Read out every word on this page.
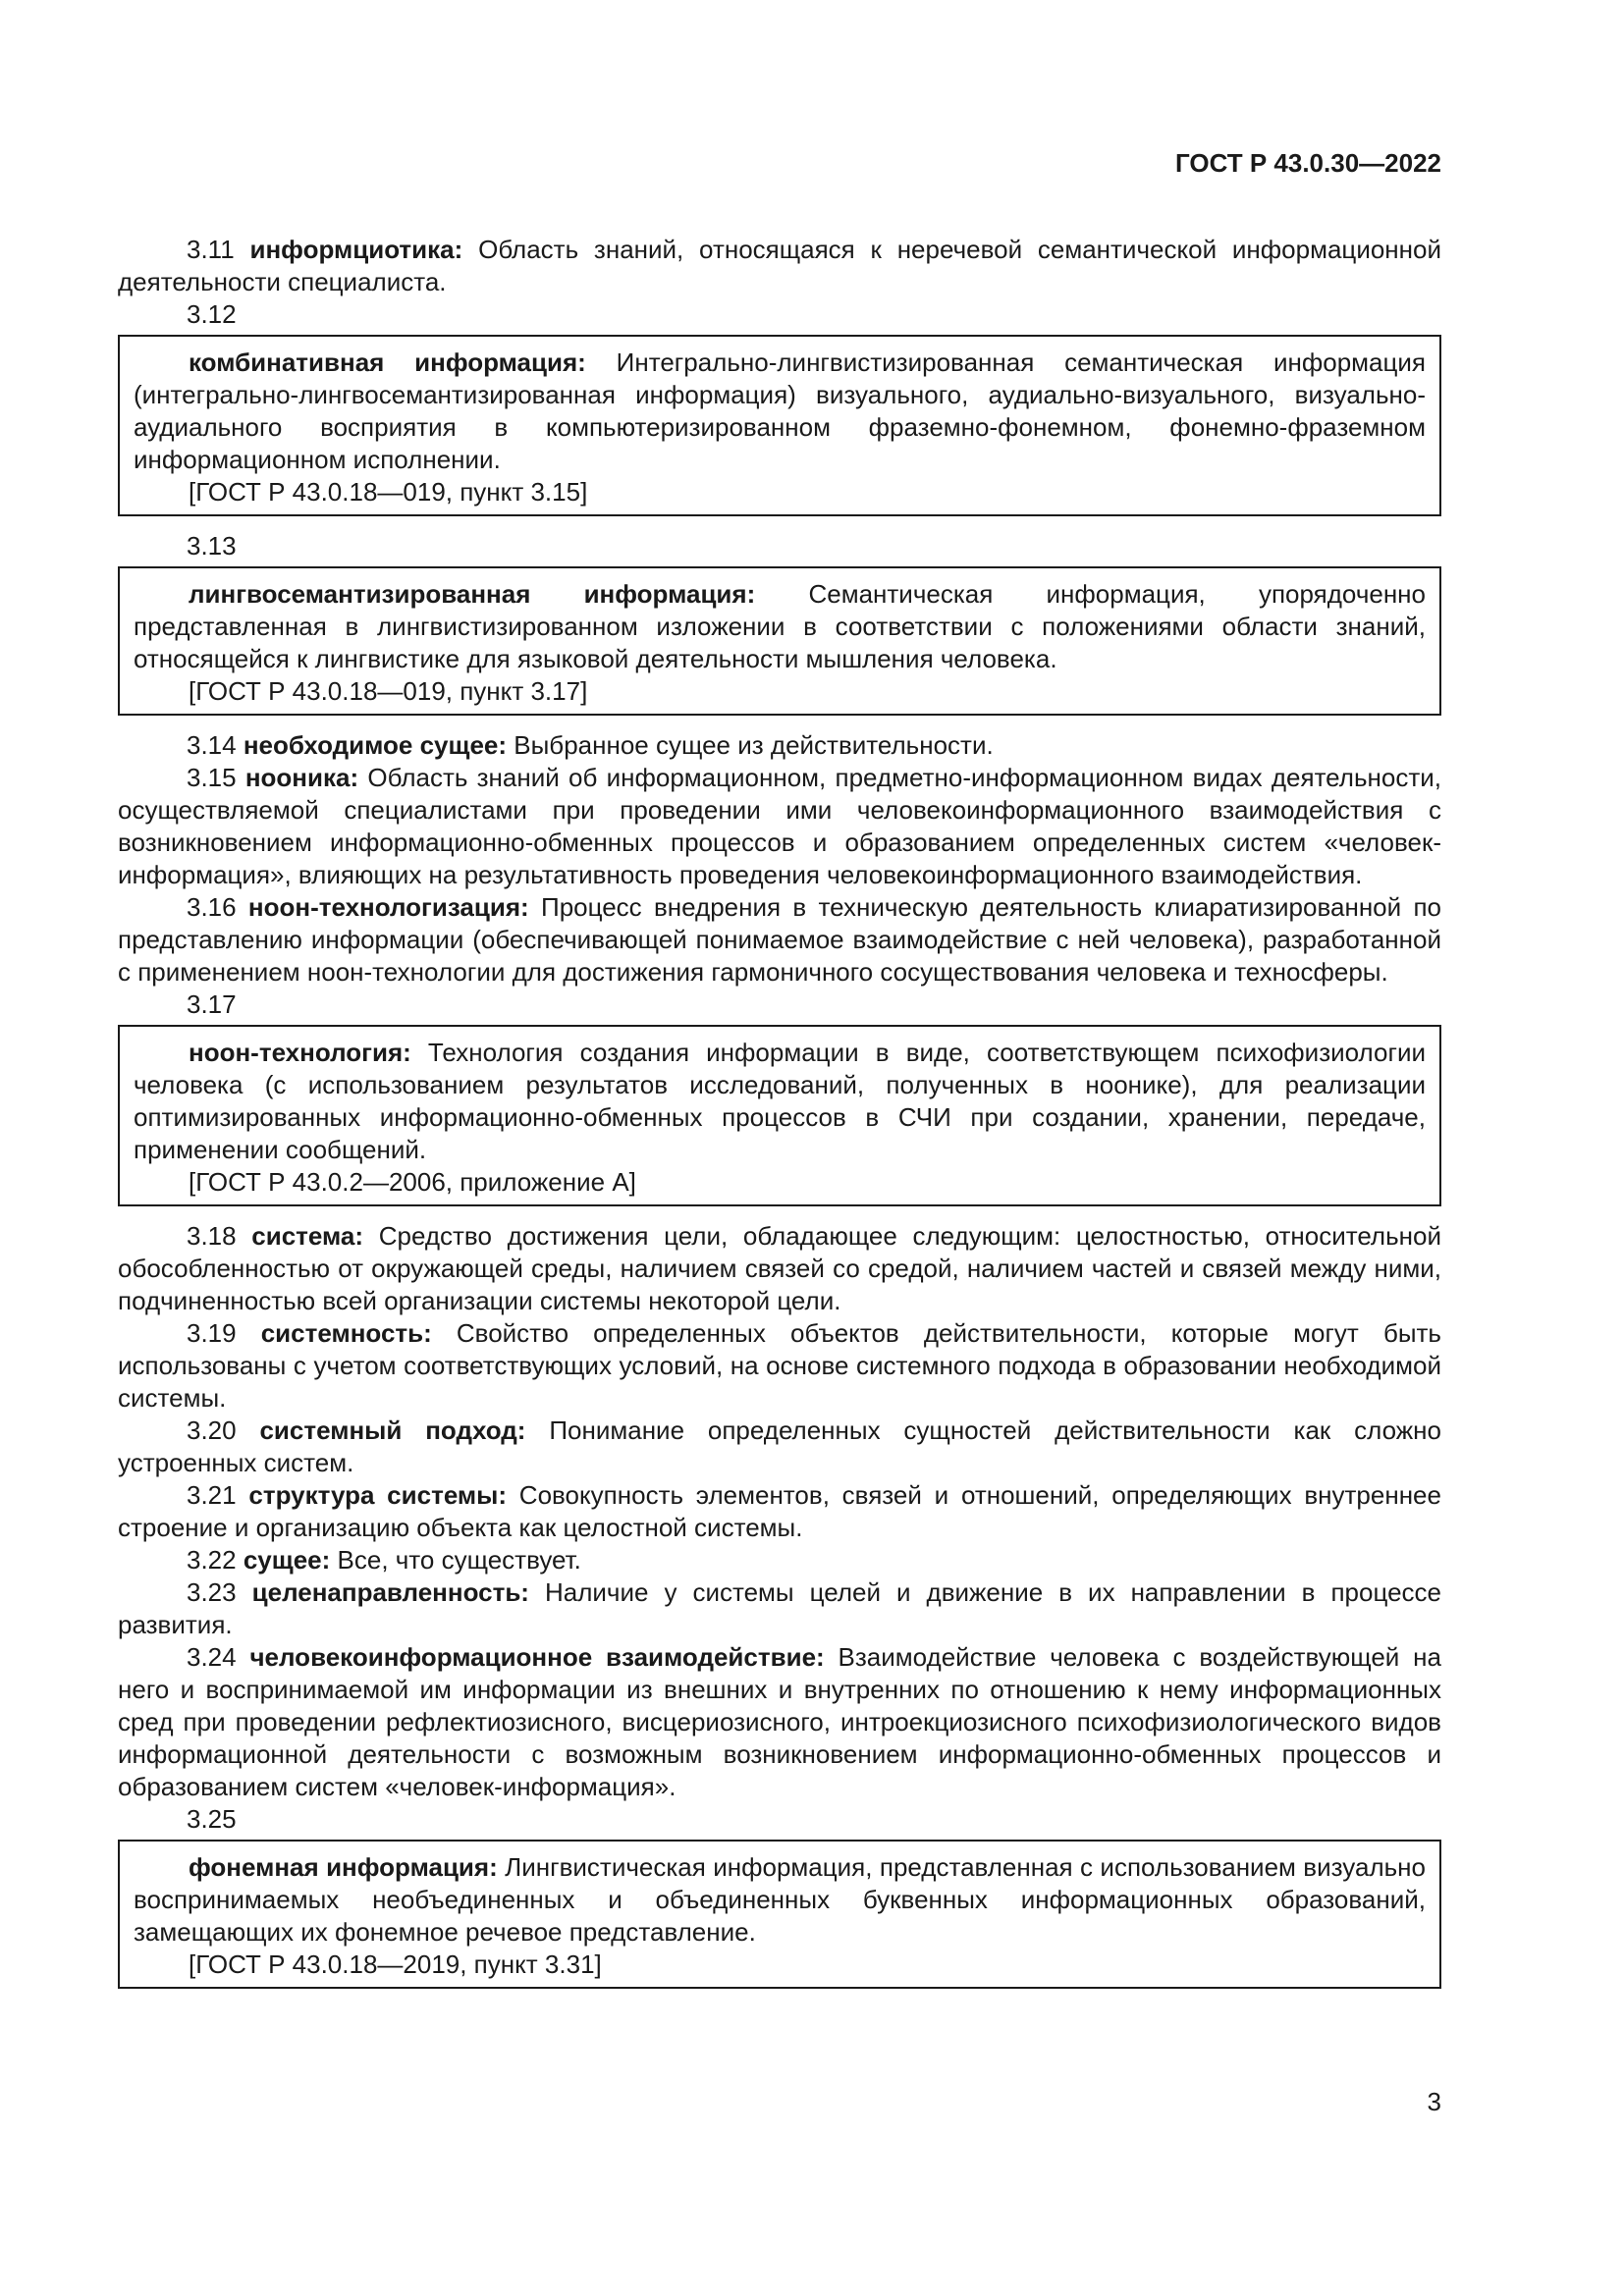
ГОСТ Р 43.0.30—2022

3.11 информциотика: Область знаний, относящаяся к неречевой семантической информационной деятельности специалиста.

3.12

комбинативная информация: Интегрально-лингвистизированная семантическая информация (интегрально-лингвосемантизированная информация) визуального, аудиально-визуального, визуально-аудиального восприятия в компьютеризированном фраземно-фонемном, фонемно-фраземном информационном исполнении.

[ГОСТ Р 43.0.18—019, пункт 3.15]

3.13

лингвосемантизированная информация: Семантическая информация, упорядоченно представленная в лингвистизированном изложении в соответствии с положениями области знаний, относящейся к лингвистике для языковой деятельности мышления человека.

[ГОСТ Р 43.0.18—019, пункт 3.17]

3.14 необходимое сущее: Выбранное сущее из действительности.

3.15 нооника: Область знаний об информационном, предметно-информационном видах деятельности, осуществляемой специалистами при проведении ими человекоинформационного взаимодействия с возникновением информационно-обменных процессов и образованием определенных систем «человек-информация», влияющих на результативность проведения человекоинформационного взаимодействия.

3.16 ноон-технологизация: Процесс внедрения в техническую деятельность клиаратизированной по представлению информации (обеспечивающей понимаемое взаимодействие с ней человека), разработанной с применением ноон-технологии для достижения гармоничного сосуществования человека и техносферы.

3.17

ноон-технология: Технология создания информации в виде, соответствующем психофизиологии человека (с использованием результатов исследований, полученных в ноонике), для реализации оптимизированных информационно-обменных процессов в СЧИ при создании, хранении, передаче, применении сообщений.

[ГОСТ Р 43.0.2—2006, приложение А]

3.18 система: Средство достижения цели, обладающее следующим: целостностью, относительной обособленностью от окружающей среды, наличием связей со средой, наличием частей и связей между ними, подчиненностью всей организации системы некоторой цели.

3.19 системность: Свойство определенных объектов действительности, которые могут быть использованы с учетом соответствующих условий, на основе системного подхода в образовании необходимой системы.

3.20 системный подход: Понимание определенных сущностей действительности как сложно устроенных систем.

3.21 структура системы: Совокупность элементов, связей и отношений, определяющих внутреннее строение и организацию объекта как целостной системы.

3.22 сущее: Все, что существует.

3.23 целенаправленность: Наличие у системы целей и движение в их направлении в процессе развития.

3.24 человекоинформационное взаимодействие: Взаимодействие человека с воздействующей на него и воспринимаемой им информации из внешних и внутренних по отношению к нему информационных сред при проведении рефлектиозисного, висцериозисного, интроекциозисного психофизиологического видов информационной деятельности с возможным возникновением информационно-обменных процессов и образованием систем «человек-информация».

3.25

фонемная информация: Лингвистическая информация, представленная с использованием визуально воспринимаемых необъединенных и объединенных буквенных информационных образований, замещающих их фонемное речевое представление.

[ГОСТ Р 43.0.18—2019, пункт 3.31]

3
